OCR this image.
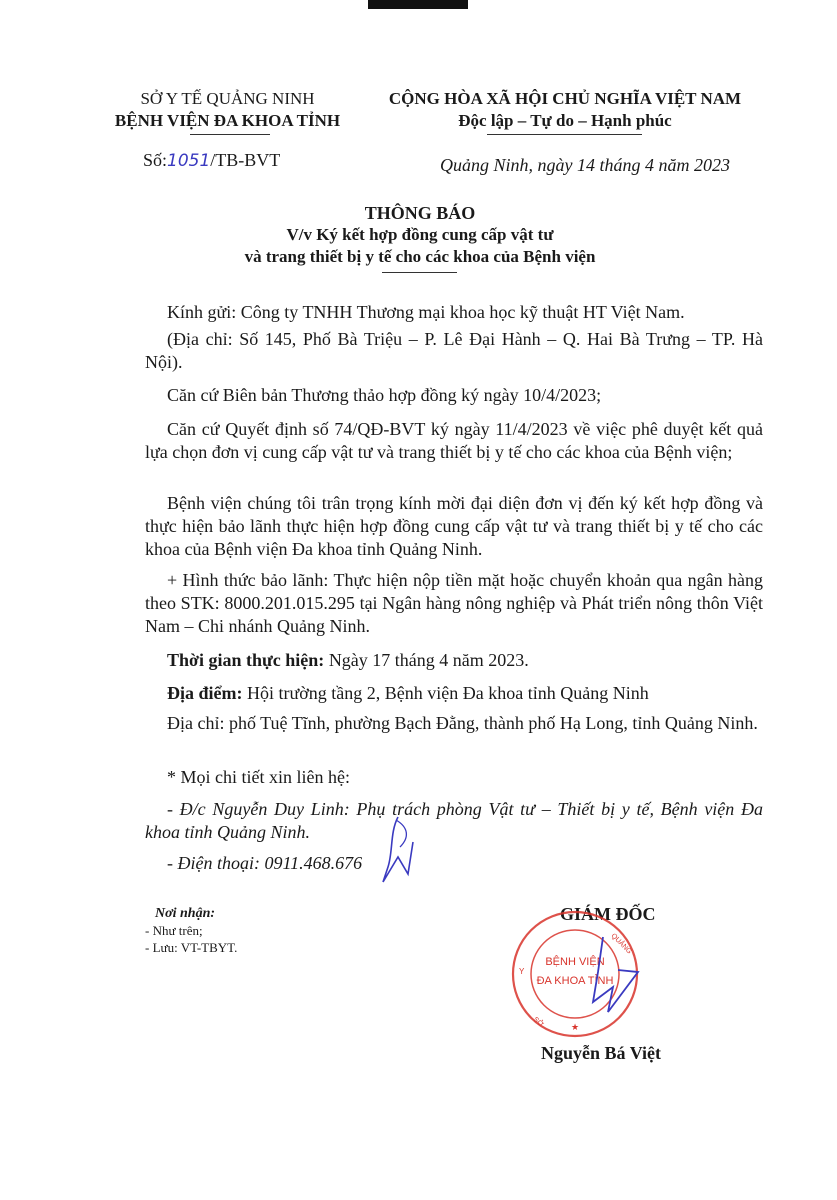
SỞ Y TẾ QUẢNG NINH
BỆNH VIỆN ĐA KHOA TỈNH
CỘNG HÒA XÃ HỘI CHỦ NGHĨA VIỆT NAM
Độc lập – Tự do – Hạnh phúc
Số:1051/TB-BVT	Quảng Ninh, ngày 14 tháng 4 năm 2023
THÔNG BÁO
V/v Ký kết hợp đồng cung cấp vật tư
và trang thiết bị y tế cho các khoa của Bệnh viện
Kính gửi: Công ty TNHH Thương mại khoa học kỹ thuật HT Việt Nam.
(Địa chỉ: Số 145, Phố Bà Triệu – P. Lê Đại Hành – Q. Hai Bà Trưng – TP. Hà Nội).
Căn cứ Biên bản Thương thảo hợp đồng ký ngày 10/4/2023;
Căn cứ Quyết định số 74/QĐ-BVT ký ngày 11/4/2023 về việc phê duyệt kết quả lựa chọn đơn vị cung cấp vật tư và trang thiết bị y tế cho các khoa của Bệnh viện;
Bệnh viện chúng tôi trân trọng kính mời đại diện đơn vị đến ký kết hợp đồng và thực hiện bảo lãnh thực hiện hợp đồng cung cấp vật tư và trang thiết bị y tế cho các khoa của Bệnh viện Đa khoa tỉnh Quảng Ninh.
+ Hình thức bảo lãnh: Thực hiện nộp tiền mặt hoặc chuyển khoản qua ngân hàng theo STK: 8000.201.015.295 tại Ngân hàng nông nghiệp và Phát triển nông thôn Việt Nam – Chi nhánh Quảng Ninh.
Thời gian thực hiện: Ngày 17 tháng 4 năm 2023.
Địa điểm: Hội trường tầng 2, Bệnh viện Đa khoa tỉnh Quảng Ninh
Địa chỉ: phố Tuệ Tĩnh, phường Bạch Đằng, thành phố Hạ Long, tỉnh Quảng Ninh.
* Mọi chi tiết xin liên hệ:
- Đ/c Nguyễn Duy Linh: Phụ trách phòng Vật tư – Thiết bị y tế, Bệnh viện Đa khoa tỉnh Quảng Ninh.
- Điện thoại: 0911.468.676
Nơi nhận:
- Như trên;
- Lưu: VT-TBYT.
GIÁM ĐỐC
BỆNH VIỆN
ĐA KHOA TỈNH
Y
QUẢNG
SỞ	★
Nguyễn Bá Việt
